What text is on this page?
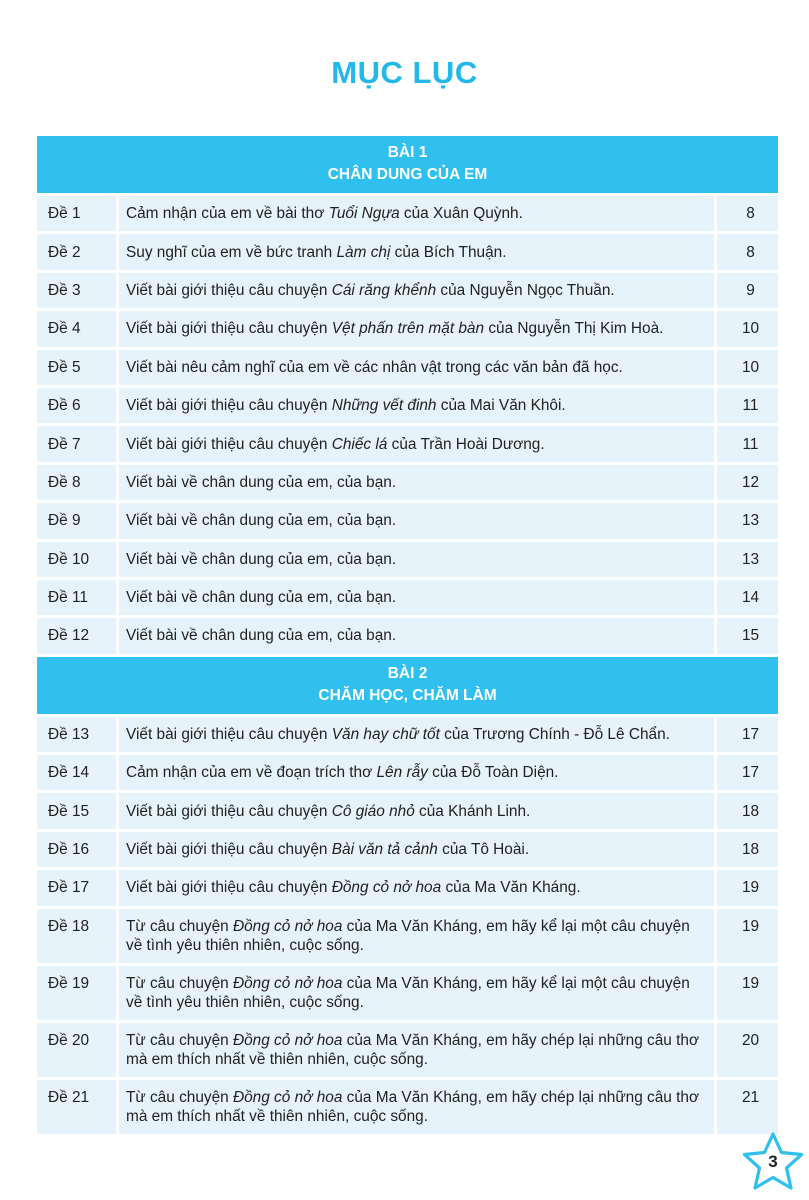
MỤC LỤC
BÀI 1
CHÂN DUNG CỦA EM		

Đề 1	Cảm nhận của em về bài thơ Tuổi Ngựa của Xuân Quỳnh.	8
Đề 2	Suy nghĩ của em về bức tranh Làm chị của Bích Thuận.	8
Đề 3	Viết bài giới thiệu câu chuyện Cái răng khểnh của Nguyễn Ngọc Thuần.	9
Đề 4	Viết bài giới thiệu câu chuyện Vệt phấn trên mặt bàn của Nguyễn Thị Kim Hoà.	10
Đề 5	Viết bài nêu cảm nghĩ của em về các nhân vật trong các văn bản đã học.	10
Đề 6	Viết bài giới thiệu câu chuyện Những vết đinh của Mai Văn Khôi.	11
Đề 7	Viết bài giới thiệu câu chuyện Chiếc lá của Trần Hoài Dương.	11
Đề 8	Viết bài về chân dung của em, của bạn.	12
Đề 9	Viết bài về chân dung của em, của bạn.	13
Đề 10	Viết bài về chân dung của em, của bạn.	13
Đề 11	Viết bài về chân dung của em, của bạn.	14
Đề 12	Viết bài về chân dung của em, của bạn.	15

BÀI 2
CHĂM HỌC, CHĂM LÀM		

Đề 13	Viết bài giới thiệu câu chuyện Văn hay chữ tốt của Trương Chính - Đỗ Lê Chẩn.	17
Đề 14	Cảm nhận của em về đoạn trích thơ Lên rẫy của Đỗ Toàn Diện.	17
Đề 15	Viết bài giới thiệu câu chuyện Cô giáo nhỏ của Khánh Linh.	18
Đề 16	Viết bài giới thiệu câu chuyện Bài văn tả cảnh của Tô Hoài.	18
Đề 17	Viết bài giới thiệu câu chuyện Đồng cỏ nở hoa của Ma Văn Kháng.	19
Đề 18	Từ câu chuyện Đồng cỏ nở hoa của Ma Văn Kháng, em hãy kể lại một câu chuyện về tình yêu thiên nhiên, cuộc sống.	19
Đề 19	Từ câu chuyện Đồng cỏ nở hoa của Ma Văn Kháng, em hãy kể lại một câu chuyện về tình yêu thiên nhiên, cuộc sống.	19
Đề 20	Từ câu chuyện Đồng cỏ nở hoa của Ma Văn Kháng, em hãy chép lại những câu thơ mà em thích nhất về thiên nhiên, cuộc sống.	20
Đề 21	Từ câu chuyện Đồng cỏ nở hoa của Ma Văn Kháng, em hãy chép lại những câu thơ mà em thích nhất về thiên nhiên, cuộc sống.	21
3
